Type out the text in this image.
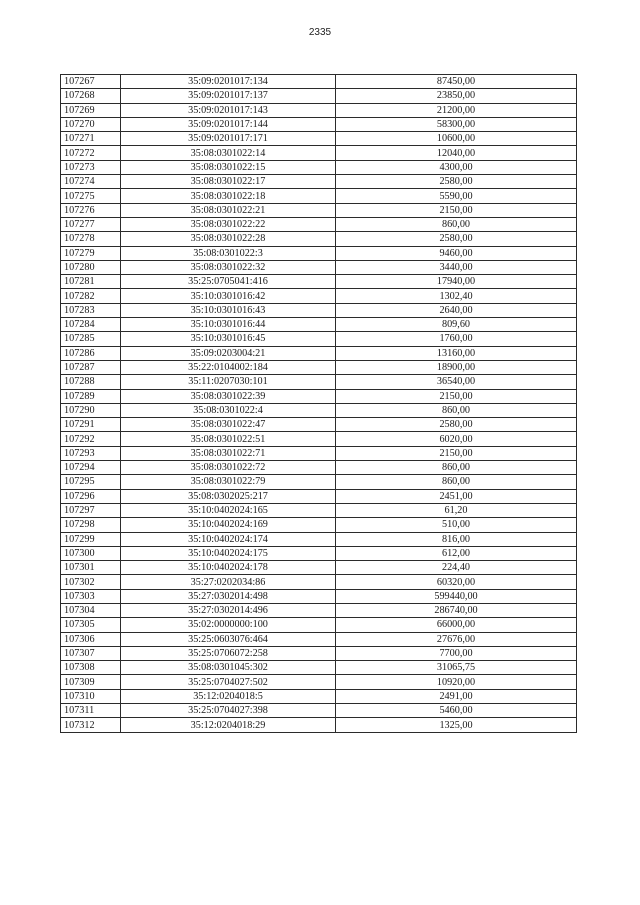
2335
107267	35:09:0201017:134	87450,00
107268	35:09:0201017:137	23850,00
107269	35:09:0201017:143	21200,00
107270	35:09:0201017:144	58300,00
107271	35:09:0201017:171	10600,00
107272	35:08:0301022:14	12040,00
107273	35:08:0301022:15	4300,00
107274	35:08:0301022:17	2580,00
107275	35:08:0301022:18	5590,00
107276	35:08:0301022:21	2150,00
107277	35:08:0301022:22	860,00
107278	35:08:0301022:28	2580,00
107279	35:08:0301022:3	9460,00
107280	35:08:0301022:32	3440,00
107281	35:25:0705041:416	17940,00
107282	35:10:0301016:42	1302,40
107283	35:10:0301016:43	2640,00
107284	35:10:0301016:44	809,60
107285	35:10:0301016:45	1760,00
107286	35:09:0203004:21	13160,00
107287	35:22:0104002:184	18900,00
107288	35:11:0207030:101	36540,00
107289	35:08:0301022:39	2150,00
107290	35:08:0301022:4	860,00
107291	35:08:0301022:47	2580,00
107292	35:08:0301022:51	6020,00
107293	35:08:0301022:71	2150,00
107294	35:08:0301022:72	860,00
107295	35:08:0301022:79	860,00
107296	35:08:0302025:217	2451,00
107297	35:10:0402024:165	61,20
107298	35:10:0402024:169	510,00
107299	35:10:0402024:174	816,00
107300	35:10:0402024:175	612,00
107301	35:10:0402024:178	224,40
107302	35:27:0202034:86	60320,00
107303	35:27:0302014:498	599440,00
107304	35:27:0302014:496	286740,00
107305	35:02:0000000:100	66000,00
107306	35:25:0603076:464	27676,00
107307	35:25:0706072:258	7700,00
107308	35:08:0301045:302	31065,75
107309	35:25:0704027:502	10920,00
107310	35:12:0204018:5	2491,00
107311	35:25:0704027:398	5460,00
107312	35:12:0204018:29	1325,00
